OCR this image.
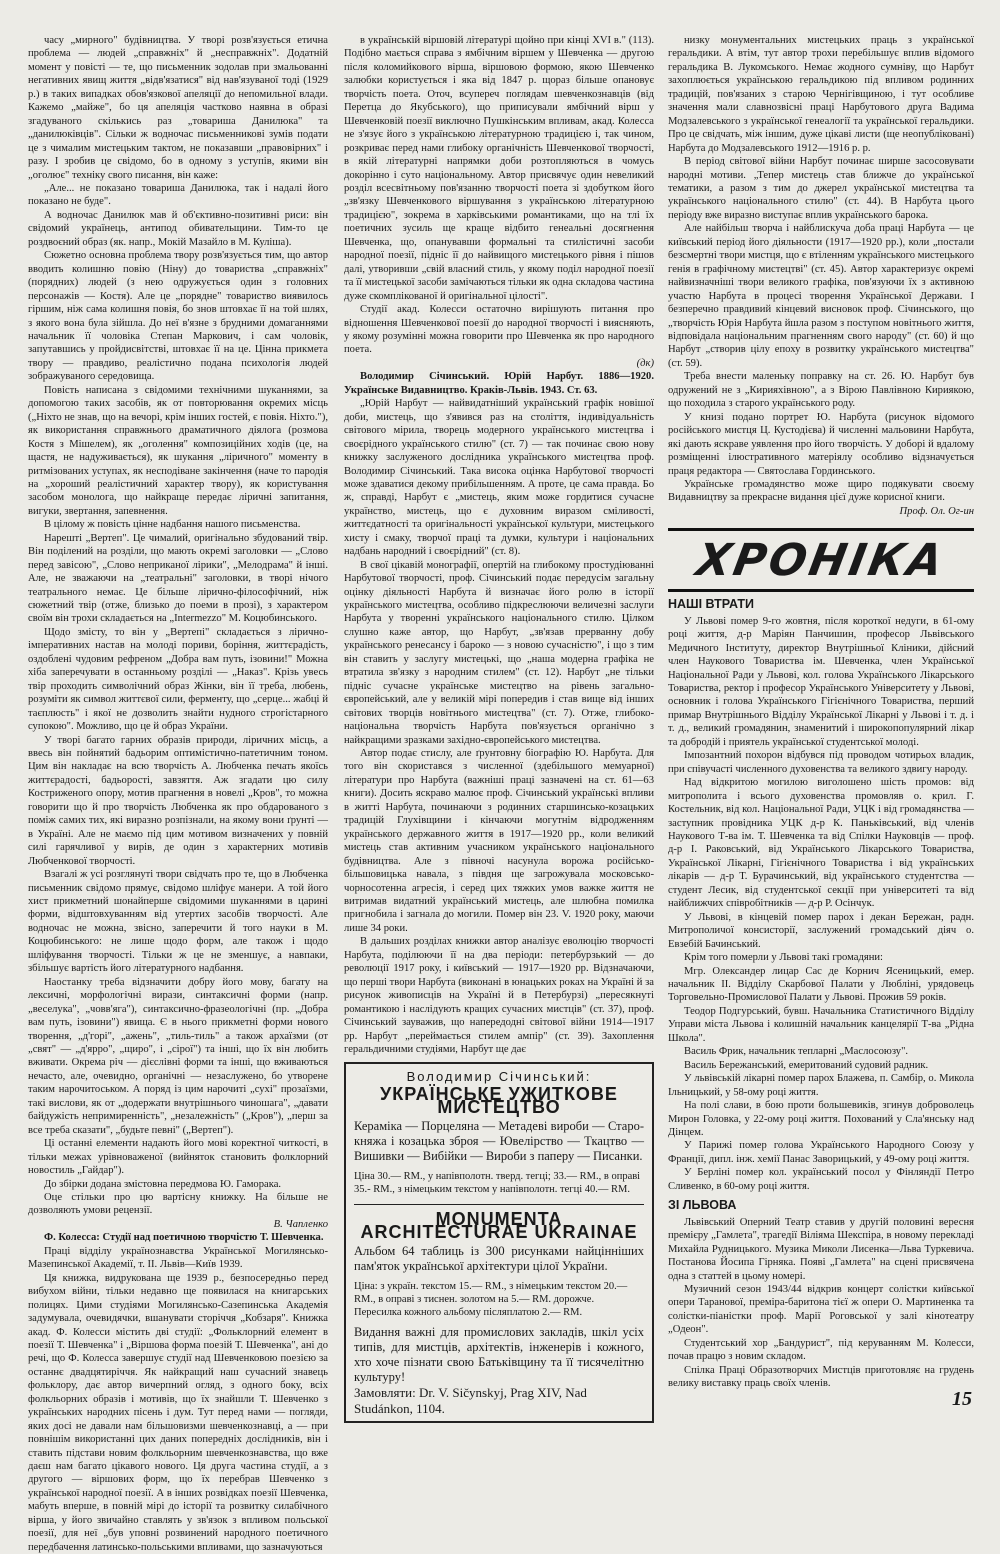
часу „мирного" будівництва. У творі розв'язується етична проблема — людей „справжніх" й „несправжніх". Додатній момент у повісті — те, що письменник зодолав при змальованні негативних явищ життя „відв'язатися" від нав'язуваної тоді (1929 р.) в таких випадках обов'язкової апеляції до непомильної влади. Кажемо „майже", бо ця апеляція частково наявна в образі згадуваного скількись раз „товариша Данилюка" та „данилюківців". Сільки ж водночас письменникові зумів подати це з чималим мистецьким тактом, не показавши „правовірних" і разу. І зробив це свідомо, бо в одному з уступів, якими він „оголює" техніку свого писання, він каже:

„Але... не показано товариша Данилюка, так і надалі його показано не буде".

А водночас Данилюк мав й об'єктивно-позитивні риси: він свідомий українець, антипод обивательщини. Тим-то це роздвоєний образ (як. напр., Мокій Мазайло в М. Куліша).

Сюжетно основна проблема твору розв'язується тим, що автор вводить колишню повію (Ніну) до товариства „справжніх" (порядних) людей (з нею одружується один з головних персонажів — Костя). Але це „порядне" товариство виявилось гіршим, ніж сама колишня повія, бо знов штовхає її на той шлях, з якого вона була зійшла. До неї в'язне з брудними домаганнями начальник її чоловіка Степан Маркович, і сам чоловік, запутавшись у пройдисвітстві, штовхає її на це. Цінна прикмета твору — правдиво, реалістично подана психологія людей зображуваного середовища.

Повість написана з свідомими технічними шуканнями, за допомогою таких засобів, як от повторювання окремих місць („Ніхто не знав, що на вечорі, крім інших гостей, є повія. Ніхто."), як використання справжнього драматичного діялога (розмова Костя з Мішелем), як „оголення" композиційних ходів (це, на щастя, не надуживається), як шукання „ліричного" моменту в ритмізованих уступах, як несподіване закінчення (наче то пародія на „хороший реалістичний характер твору), як користування засобом монолога, що найкраще передає ліричні запитання, вигуки, звертання, запевнення.

В цілому ж повість цінне надбання нашого письменства.

Нарешті „Вертеп". Це чималий, оригінально збудований твір. Він поділений на розділи, що мають окремі заголовки — „Слово перед завісою", „Слово неприканої лірики", „Мелодрама" й інші. Але, не зважаючи на „театральні" заголовки, в творі нічого театрального немає. Це більше лірично-філософічний, ніж сюжетний твір (отже, близько до поеми в прозі), з характером своїм він трохи складається на „Intermezzo" М. Коцюбинського.

Щодо змісту, то він у „Вертепі" складається з лірично-імперативних настав на молоді пориви, боріння, життєрадість, оздоблені чудовим рефреном „Добра вам путь, ізовини!" Можна хіба заперечувати в останньому розділі — „Наказ". Крізь увесь твір проходить символічний образ Жінки, він її треба, любень, розуміти як символ життєвої сили, ферменту, що „серце... жабці й таєплюсть" і якої не дозволить знайти нудного строгістарного супокою". Можливо, що це й образ України.

У творі багато гарних образів природи, ліричних місць, а ввесь він пойнятий бадьорим оптимістично-патетичним тоном. Цим він накладає на всю творчість А. Любченка печать якоїсь життєрадості, бадьорості, завзяття. Аж згадати цю силу Костриженого опору, мотив прагнення в новелі „Кров", то можна говорити що й про творчість Любченка як про обдарованого з поміж самих тих, які виразно розпізнали, на якому вони ґрунті — в Україні. Але не маємо під цим мотивом визначених у повній силі гарячливої у вирів, де один з характерних мотивів Любченкової творчості.

Взагалі ж усі розглянуті твори свідчать про те, що в Любченка письменник свідомо прямує, свідомо шліфує манери. А той його хист прикметний шонайперше свідомими шуканнями в царині форми, відштовхуванням від утертих засобів творчості. Але водночас не можна, звісно, заперечити й того науки в М. Коцюбинського: не лише щодо форм, але також і щодо шліфування творчості. Тільки ж це не зменшує, а навпаки, збільшує вартість його літературного надбання.

Наостанку треба відзначити добру його мову, багату на лексичні, морфологічні вирази, синтаксичні форми (напр. „веселука", „човв'яга"), синтаксично-фразеологічні (пр. „Добра вам путь, ізовини") явища. Є в нього прикметні форми нового творення, „д'горі", „ажень", „тиль-тиль" а також архаїзми (от „свят" — „д'ярро", „щиро", і „сірої") та інші, що їх він любить вживати. Окрема річ — дієслівні форми та інші, що вживаються нечасто, але, очевидно, органічні — незаслужено, бо утворене таким нарочитоськом. А поряд із цим нарочиті „сухі" прозаїзми, такі вислови, як от „додержати внутрішнього чиношага", „давати байдужість непримиренність", „незалежність" („Кров"), „перш за все треба сказати", „будьте певні" („Вертеп").

Ці останні елементи надають його мові коректної читкості, в тільки межах урівноваженої (вийняток становить фолклорний новостиль „Гайдар").

До збірки додана змістовна передмова Ю. Гаморака.

Оце стільки про цю вартісну книжку. На більше не дозволяють умови рецензії.

В. Чапленко

Ф. Колесса: Студії над поетичною творчістю Т. Шевченка.

Праці відділу українознавства Української Могилянсько-Мазепинської Академії, т. II. Львів—Київ 1939.

Ця книжка, видрукована ще 1939 р., безпосередньо перед вибухом війни, тільки недавно ще появилася на книгарських полицях. Цими студіями Могилянсько-Сазепинська Академія задумувала, очевидячки, вшанувати сторіччя „Кобзаря". Книжка акад. Ф. Колесси містить дві студії: „Фольклорний елемент в поезії Т. Шевченка" і „Віршова форма поезій Т. Шевченка", ані до речі, що Ф. Колесса завершує студії над Шевченковою поезією за останнє двадцятиріччя. Як найкращий наш сучасний знавець фольклору, дає автор вичерпний огляд, з одного боку, всіх фолкльорних образів і мотивів, що їх знайшли Т. Шевченко з українських народних пісень і дум. Тут перед нами — погляди, яких досі не давали нам більшовизми шевченкознавці, а — при повнішім використанні цих даних попередніх дослідників, він і ставить підстави новим фолкльорним шевченкознавства, що вже даєш нам багато цікавого нового. Ця друга частина студії, а з другого — віршових форм, що їх перебрав Шевченко з української народної поезії. А в інших розвідках поезії Шевченка, мабуть вперше, в повній мірі до історії та розвитку силабічного вірша, у його звичайно ставлять у зв'язок з впливом польської поезії, для неї „був уповні розвинений народного поетичного передбачення латинсько-польськими впливами, що зазначуються

в українській віршовій літературі щойно при кінці XVI в." (113). Подібно мається справа з ямбічним віршем у Шевченка — другою після коломийкового вірша, віршовою формою, якою Шевченко залюбки користується і яка від 1847 р. щораз більше опановує творчість поета. Оточ, всупереч поглядам шевченкознавців (від Перетца до Якубського), що приписували ямбічний вірш у Шевченковій поезії виключно Пушкінським впливам, акад. Колесса не з'язує його з українською літературною традицією і, так чином, розкриває перед нами глибоку органічність Шевченкової творчості, в якій літературні напрямки доби розтопляються в чомусь докорінно і суто національному. Автор присвячує один невеликий розділ всесвітньому пов'язанню творчості поета зі здобутком його „зв'язку Шевченкового віршування з українською літературною традицією", зокрема в харківськими романтиками, що на тлі їх поетичних зусиль ще краще відбито генеальні досягнення Шевченка, що, опанувавши формальні та стилістичні засоби народної поезії, підніс її до найвищого мистецького рівня і пішов далі, утворивши „свій власний стиль, у якому поділ народної поезії та її мистецької засоби замічаються тільки як одна складова частина дуже скомплікованої й оригінальної цілості".

Студії акад. Колесси остаточно вирішують питання про відношення Шевченкової поезії до народної творчості і виясняють, у якому розумінні можна говорити про Шевченка як про народного поета.

(дк)

Володимир Січинський. Юрій Нарбут. 1886—1920. Українське Видавництво. Краків-Львів. 1943. Ст. 63.

„Юрій Нарбут — найвидатніший український графік новішої доби, мистець, що з'явився раз на століття, індивідуальність світового мірила, творець модерного українського мистецтва і своєрідного українського стилю" (ст. 7) — так починає свою нову книжку заслуженого дослідника українського мистецтва проф. Володимир Січинський. Така висока оцінка Нарбутової творчості може здаватися декому прибільшенням. А проте, це сама правда. Бо ж, справді, Нарбут є „мистець, яким може гордитися сучасне українство, мистець, що є духовним виразом сміливості, життєдатності та оригінальності української культури, мистецького хисту і смаку, творчої праці та думки, культури і національних надбань народний і своєрідний" (ст. 8).

В свої цікавій монографії, опертій на глибокому простудіюванні Нарбутової творчості, проф. Січинський подає передусім загальну оцінку діяльності Нарбута й визначає його ролю в історії українського мистецтва, особливо підкреслюючи величезні заслуги Нарбута у творенні українського національного стилю. Цілком слушно каже автор, що Нарбут, „зв'язав прерванну добу українського ренесансу і бароко — з новою сучасністю", і що з тим він ставить у заслугу мистецькі, що „наша модерна графіка не втратила зв'язку з народним стилем" (ст. 12). Нарбут „не тільки підніс сучасне українське мистецтво на рівень загально-європейський, але у великій мірі попередив і став вище від інших світових творців новітнього мистецтва" (ст. 7). Отже, глибоко-національна творчість Нарбута пов'язується органічно з найкращими зразками західно-європейського мистецтва.

Автор подає стислу, але ґрунтовну біографію Ю. Нарбута. Для того він скористався з численної (здебільшого мемуарної) літератури про Нарбута (важніші праці зазначені на ст. 61—63 книги). Досить яскраво малює проф. Січинський українські впливи в житті Нарбута, починаючи з родинних старшинсько-козацьких традицій Глухівщини і кінчаючи могутнім відродженням українського державного життя в 1917—1920 рр., коли великий мистець став активним учасником українського національного будівництва. Але з півночі насунула ворожа російсько-більшовицька навала, з півдня ще загрожувала московсько-чорносотенна агресія, і серед цих тяжких умов важке життя не витримав видатний український мистець, але шлюбна помилка пригнобила і загнала до могили. Помер він 23. V. 1920 року, маючи лише 34 роки.

В дальших розділах книжки автор аналізує еволюцію творчості Нарбута, поділюючи її на два періоди: петербурзький — до революції 1917 року, і київський — 1917—1920 рр. Відзначаючи, що перші твори Нарбута (виконані в юнацьких роках на Україні й за рисунок живописців на Україні й в Петербурзі) „пересякнуті романтикою і наслідують кращих сучасних мистців" (ст. 37), проф. Січинський зауважив, що напередодні світової війни 1914—1917 рр. Нарбут „переймається стилем ампір" (ст. 39). Захоплення геральдичними студіями, Нарбут ще дає

Володимир Січинський:
УКРАЇНСЬКЕ УЖИТКОВЕ МИСТЕЦТВО
Кераміка — Порцеляна — Метадеві вироби — Старо-княжа і козацька зброя — Ювелірство — Ткацтво — Вишивки — Вибійки — Вироби з паперу — Писанки.
Ціна 30.— RM., у напівполотн. тверд. тегці; 33.— RM., в оправі 35.- RM., з німецьким текстом у напівполотн. тегці 40.— RM.
MONUMENTA ARCHITECTURAE UKRAINAE
Альбом 64 таблиць із 300 рисунками найцінніших пам'яток української архітектури цілої України.
Ціна: з україн. текстом 15.— RM., з німецьким текстом 20.— RM., в оправі з тиснен. золотом на 5.— RM. дорожче. Пересилка кожного альбому післяплатою 2.— RM.
Видання важні для промислових закладів, шкіл усіх типів, для мистців, архітектів, інженерів і кожного, хто хоче пізнати свою Батьківщину та її тисячелітню культуру!
Замовляти: Dr. V. Sičynskyj, Prag XIV, Nad Studánkon, 1104.

низку монументальних мистецьких праць з української геральдики. А втім, тут автор трохи перебільшує вплив відомого геральдика В. Лукомського. Немає жодного сумніву, що Нарбут захоплюється українською геральдикою під впливом родинних традицій, пов'язаних з старою Чернігівщиною, і тут особливе значення мали славнозвісні праці Нарбутового друга Вадима Модзалевського з української генеалогії та української геральдики. Про це свідчать, між іншим, дуже цікаві листи (ще неопубліковані) Нарбута до Модзалевського 1912—1916 р. р.

В період світової війни Нарбут починає ширше засосовувати народні мотиви. „Тепер мистець став ближче до української тематики, а разом з тим до джерел української мистецтва та українського національного стилю" (ст. 44). В Нарбута цього періоду вже виразно виступає вплив українського барока.

Але найбільш творча і найблискуча доба праці Нарбута — це київський період його діяльности (1917—1920 рр.), коли „постали безсмертні твори мистця, що є втіленням українського мистецького генія в графічному мистецтві" (ст. 45). Автор характеризує окремі найвизначніші твори великого графіка, пов'язуючи їх з активною участю Нарбута в процесі творення Української Держави. І безперечно правдивий кінцевий висновок проф. Січинського, що „творчість Юрія Нарбута йшла разом з поступом новітнього життя, відповідала національним прагненням свого народу" (ст. 60) й що Нарбут „створив цілу епоху в розвитку українського мистецтва" (ст. 59).

Треба внести маленьку поправку на ст. 26. Ю. Нарбут був одружений не з „Кирияхівною", а з Вірою Павлівною Кириякою, що походила з старого українського роду.

У книзі подано портрет Ю. Нарбута (рисунок відомого російського мистця Ц. Кустодієва) й численні мальовини Нарбута, які дають яскраве уявлення про його творчість. У доборі й вдалому розміщенні ілюстративного матеріялу особливо відзначується праця редактора — Святослава Гординського.

Українське громадянство може щиро подякувати своєму Видавництву за прекрасне видання цієї дуже корисної книги.

Проф. Ол. Ог-ин

ХРОНІКА
НАШІ ВТРАТИ

У Львові помер 9-го жовтня, після короткої недуги, в 61-ому році життя, д-р Маріян Панчишин, професор Львівського Медичного Інституту, директор Внутрішньої Кліники, дійсний член Наукового Товариства ім. Шевченка, член Української Національної Ради у Львові, кол. голова Українського Лікарського Товариства, ректор і професор Українського Університету у Львові, основник і голова Українського Гігієнічного Товариства, перший примар Внутрішнього Відділу Української Лікарні у Львові і т. д. і т. д., великий громадянин, знаменитий і широкопопулярний лікар та добродій і приятель української студентської молоді.

Імпозантний похорон відбувся під проводом чотирьох владик, при співучасті численного духовенства та великого здвигу народу.

Над відкритою могилою виголошено шість промов: від митрополита і всього духовенства промовляв о. крил. Г. Костельник, від кол. Національної Ради, УЦК і від громадянства — заступник провідника УЦК д-р К. Паньківський, від членів Наукового Т-ва ім. Т. Шевченка та від Спілки Науковців — проф. д-р І. Раковський, від Українського Лікарського Товариства, Української Лікарні, Гігієнічного Товариства і від українських лікарів — д-р Т. Бурачинський, від українського студентства — студент Лесик, від студентської секції при університеті та від найближчих співробітників — д-р Р. Осінчук.

У Львові, в кінцевій помер парох і декан Бережан, радн. Митрополичої консисторії, заслужений громадський діяч о. Евзебій Бачинський.

Крім того померли у Львові такі громадяни:

Мгр. Олександер лицар Сас де Корнич Ясеницький, емер. начальник II. Відділу Скарбової Палати у Любліні, урядовець Торговельно-Промислової Палати у Львові. Прожив 59 років.

Теодор Подгурський, бувш. Начальника Статистичного Відділу Управи міста Львова і колишній начальник канцелярії Т-ва „Рідна Школа".

Василь Фрик, начальник тепларні „Маслосоюзу".

Василь Бережанський, емеритований судовий радник.

У львівській лікарні помер парох Блажева, п. Самбір, о. Микола Ільницький, у 58-ому році життя.

На полі слави, в бою проти большевиків, згинув доброволець Мирон Головка, у 22-ому році життя. Похований у Сла'янську над Дінцем.

У Парижі помер голова Українського Народного Союзу у Франції, дипл. інж. хемії Панас Заворицький, у 49-ому році життя.

У Берліні помер кол. український посол у Фінляндії Петро Сливенко, в 60-ому році життя.

ЗІ ЛЬВОВА

Львівський Оперний Театр ставив у другій половині вересня премієру „Гамлета", трагедії Віліяма Шекспіра, в новому перекладі Михайла Рудницького. Музика Миколи Лисенка—Льва Туркевича. Постанова Йосипа Гірняка. Появі „Гамлета" на сцені присвячена одна з статтей в цьому номері.

Музичний сезон 1943/44 відкрив концерт солістки київської опери Таранової, преміра-баритона тієї ж опери О. Мартиненка та солістки-піаністки проф. Марії Роговської у залі кінотеатру „Одеон".

Студентський хор „Бандурист", під керуванням М. Колесси, почав працю з новим складом.

Спілка Праці Образотворчих Мистців приготовляє на грудень велику виставку праць своїх членів.

15
